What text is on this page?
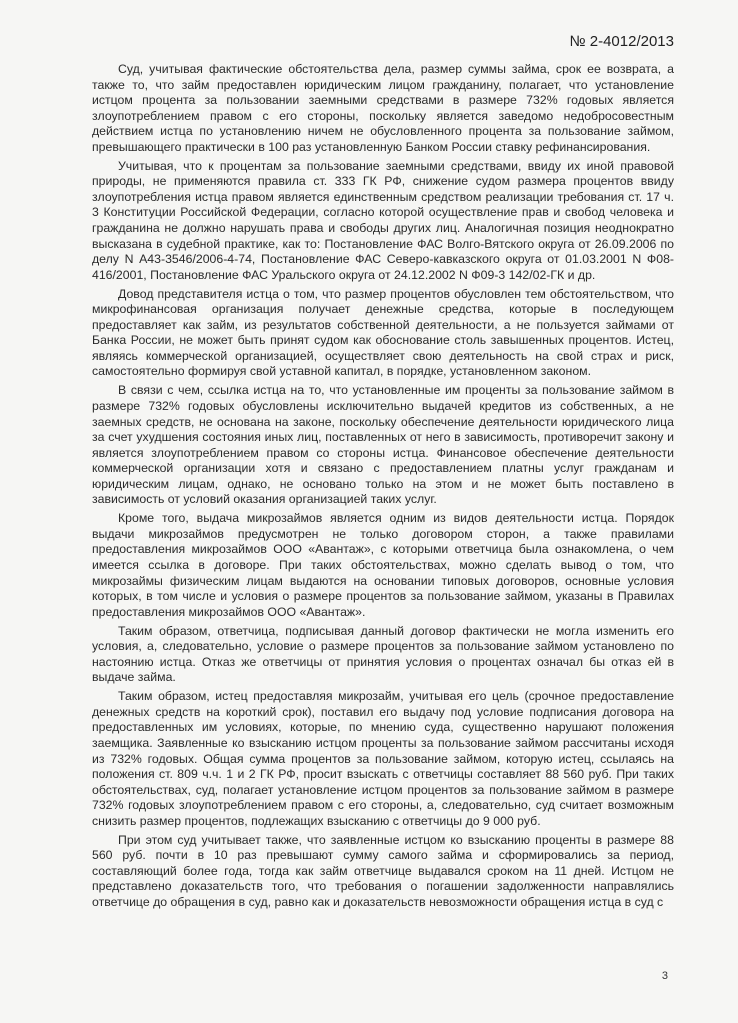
№ 2-4012/2013

Суд, учитывая фактические обстоятельства дела, размер суммы займа, срок ее возврата, а также то, что займ предоставлен юридическим лицом гражданину, полагает, что установление истцом процента за пользовании заемными средствами в размере 732% годовых является злоупотреблением правом с его стороны, поскольку является заведомо недобросовестным действием истца по установлению ничем не обусловленного процента за пользование займом, превышающего практически в 100 раз установленную Банком России ставку рефинансирования.

Учитывая, что к процентам за пользование заемными средствами, ввиду их иной правовой природы, не применяются правила ст. 333 ГК РФ, снижение судом размера процентов ввиду злоупотребления истца правом является единственным средством реализации требования ст. 17 ч. 3 Конституции Российской Федерации, согласно которой осуществление прав и свобод человека и гражданина не должно нарушать права и свободы других лиц. Аналогичная позиция неоднократно высказана в судебной практике, как то: Постановление ФАС Волго-Вятского округа от 26.09.2006 по делу N А43-3546/2006-4-74, Постановление ФАС Северо-кавказского округа от 01.03.2001 N Ф08-416/2001, Постановление ФАС Уральского округа от 24.12.2002 N Ф09-3 142/02-ГК и др.

Довод представителя истца о том, что размер процентов обусловлен тем обстоятельством, что микрофинансовая организация получает денежные средства, которые в последующем предоставляет как займ, из результатов собственной деятельности, а не пользуется займами от Банка России, не может быть принят судом как обоснование столь завышенных процентов. Истец, являясь коммерческой организацией, осуществляет свою деятельность на свой страх и риск, самостоятельно формируя свой уставной капитал, в порядке, установленном законом.

В связи с чем, ссылка истца на то, что установленные им проценты за пользование займом в размере 732% годовых обусловлены исключительно выдачей кредитов из собственных, а не заемных средств, не основана на законе, поскольку обеспечение деятельности юридического лица за счет ухудшения состояния иных лиц, поставленных от него в зависимость, противоречит закону и является злоупотреблением правом со стороны истца. Финансовое обеспечение деятельности коммерческой организации хотя и связано с предоставлением платны услуг гражданам и юридическим лицам, однако, не основано только на этом и не может быть поставлено в зависимость от условий оказания организацией таких услуг.

Кроме того, выдача микрозаймов является одним из видов деятельности истца. Порядок выдачи микрозаймов предусмотрен не только договором сторон, а также правилами предоставления микрозаймов ООО «Авантаж», с которыми ответчица была ознакомлена, о чем имеется ссылка в договоре. При таких обстоятельствах, можно сделать вывод о том, что микрозаймы физическим лицам выдаются на основании типовых договоров, основные условия которых, в том числе и условия о размере процентов за пользование займом, указаны в Правилах предоставления микрозаймов ООО «Авантаж».

Таким образом, ответчица, подписывая данный договор фактически не могла изменить его условия, а, следовательно, условие о размере процентов за пользование займом установлено по настоянию истца. Отказ же ответчицы от принятия условия о процентах означал бы отказ ей в выдаче займа.

Таким образом, истец предоставляя микрозайм, учитывая его цель (срочное предоставление денежных средств на короткий срок), поставил его выдачу под условие подписания договора на предоставленных им условиях, которые, по мнению суда, существенно нарушают положения заемщика. Заявленные ко взысканию истцом проценты за пользование займом рассчитаны исходя из 732% годовых. Общая сумма процентов за пользование займом, которую истец, ссылаясь на положения ст. 809 ч.ч. 1 и 2 ГК РФ, просит взыскать с ответчицы составляет 88 560 руб. При таких обстоятельствах, суд, полагает установление истцом процентов за пользование займом в размере 732% годовых злоупотреблением правом с его стороны, а, следовательно, суд считает возможным снизить размер процентов, подлежащих взысканию с ответчицы до 9 000 руб.

При этом суд учитывает также, что заявленные истцом ко взысканию проценты в размере 88 560 руб. почти в 10 раз превышают сумму самого займа и сформировались за период, составляющий более года, тогда как займ ответчице выдавался сроком на 11 дней. Истцом не представлено доказательств того, что требования о погашении задолженности направлялись ответчице до обращения в суд, равно как и доказательств невозможности обращения истца в суд с

3
